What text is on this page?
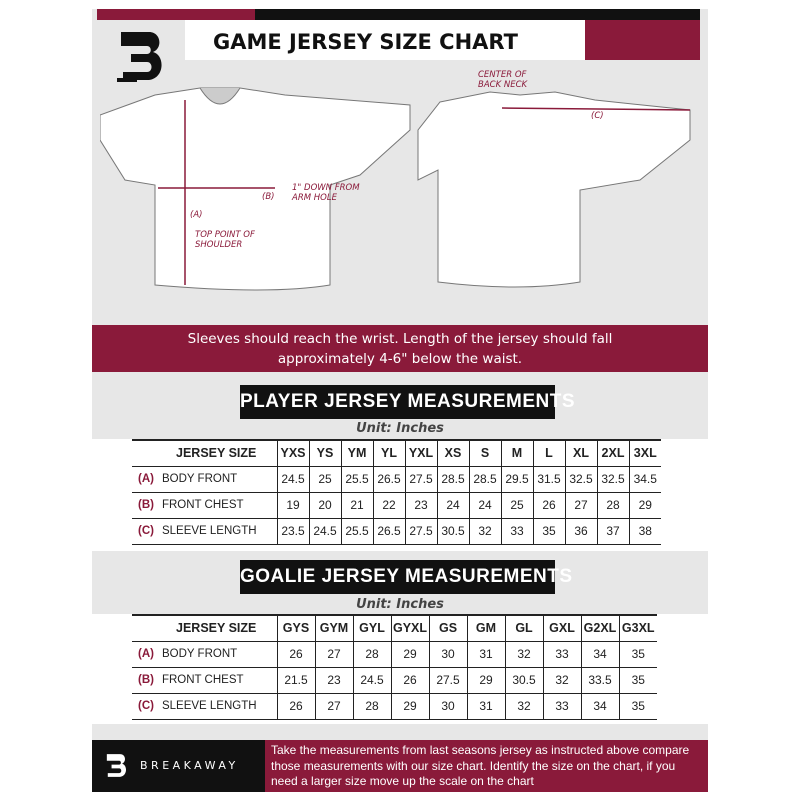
GAME JERSEY SIZE CHART
CENTER OF BACK NECK
(C)
(B)
1" DOWN FROM ARM HOLE
(A)
TOP POINT OF SHOULDER
Sleeves should reach the wrist. Length of the jersey should fall approximately 4-6" below the waist.
PLAYER JERSEY MEASUREMENTS
Unit: Inches
JERSEY SIZE	YXS	YS	YM	YL	YXL	XS	S	M	L	XL	2XL	3XL
(A) BODY FRONT	24.5	25	25.5	26.5	27.5	28.5	28.5	29.5	31.5	32.5	32.5	34.5
(B) FRONT CHEST	19	20	21	22	23	24	24	25	26	27	28	29
(C) SLEEVE LENGTH	23.5	24.5	25.5	26.5	27.5	30.5	32	33	35	36	37	38
GOALIE JERSEY MEASUREMENTS
Unit: Inches
JERSEY SIZE	GYS	GYM	GYL	GYXL	GS	GM	GL	GXL	G2XL	G3XL
(A) BODY FRONT	26	27	28	29	30	31	32	33	34	35
(B) FRONT CHEST	21.5	23	24.5	26	27.5	29	30.5	32	33.5	35
(C) SLEEVE LENGTH	26	27	28	29	30	31	32	33	34	35
BREAKAWAY
Take the measurements from last seasons jersey as instructed above compare those measurements with our size chart. Identify the size on the chart, if you need a larger size move up the scale on the chart
